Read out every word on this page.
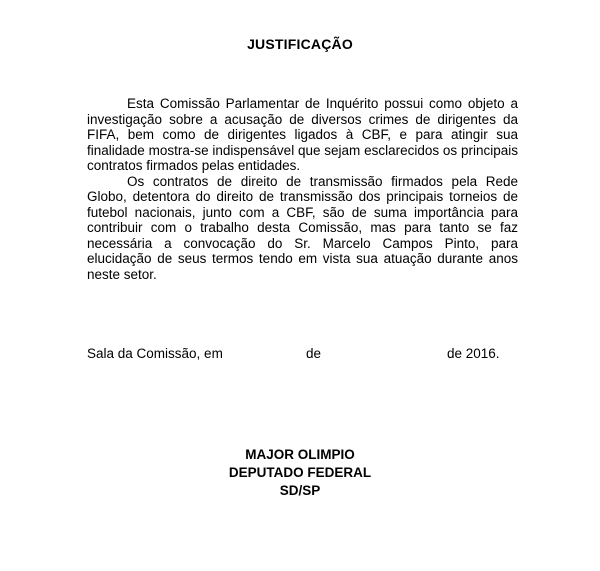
JUSTIFICAÇÃO

Esta Comissão Parlamentar de Inquérito possui como objeto a investigação sobre a acusação de diversos crimes de dirigentes da FIFA, bem como de dirigentes ligados à CBF, e para atingir sua finalidade mostra-se indispensável que sejam esclarecidos os principais contratos firmados pelas entidades.

Os contratos de direito de transmissão firmados pela Rede Globo, detentora do direito de transmissão dos principais torneios de futebol nacionais, junto com a CBF, são de suma importância para contribuir com o trabalho desta Comissão, mas para tanto se faz necessária a convocação do Sr. Marcelo Campos Pinto, para elucidação de seus termos tendo em vista sua atuação durante anos neste setor.

Sala da Comissão, em	de	de 2016.
MAJOR OLIMPIO
DEPUTADO FEDERAL
SD/SP
